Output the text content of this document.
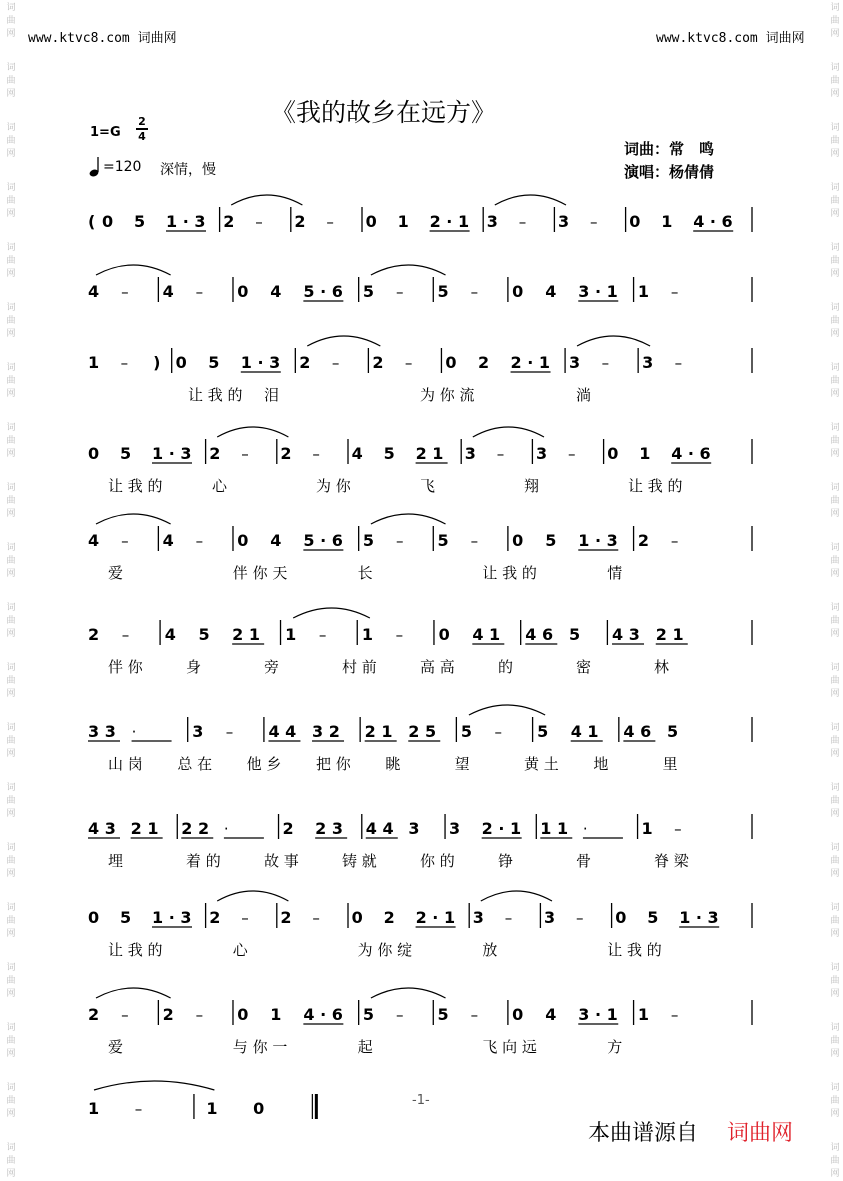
www.ktvc8.com 词曲网	www.ktvc8.com 词曲网
词
曲
网
词
曲
网
词
曲
网
词
曲
网
词
曲
网
词
曲
网
词
曲
网
词
曲
网
词
曲
网
词
曲
网
词
曲
网
词
曲
网
词
曲
网
词
曲
网
词
曲
网
词
曲
网
词
曲
网
词
曲
网
词
曲
网
词
曲
网
词
曲
网
词
曲
网
词
曲
网
词
曲
网
词
曲
网
词
曲
网
词
曲
网
词
曲
网
词
曲
网
词
曲
网
词
曲
网
词
曲
网
词
曲
网
词
曲
网
词
曲
网
词
曲
网
词
曲
网
词
曲
网
词
曲
网
词
曲
网
《我的故乡在远方》
1=G
2
4
=120 深情，慢
词曲：常　鸣
演唱：杨倩倩
( 0 5 1 · 3 2 – 2 – 0 1 2 · 1 3 – 3 – 0 1 4 · 6
4 – 4 – 0 4 5 · 6 5 – 5 – 0 4 3 · 1 1 –
1 – ) 0 5 1 · 3 2 – 2 – 0 2 2 · 1 3 – 3 –
让 我 的 泪	为 你 流	淌
0 5 1 · 3 2 – 2 – 4 5 2 1 3 – 3 – 0 1 4 · 6
让 我 的	心	为 你	飞	翔	让 我 的
4 – 4 – 0 4 5 · 6 5 – 5 – 0 5 1 · 3 2 –
爱	伴 你 天	长	让 我 的	情
2 – 4 5 2 1 1 – 1 – 0 4 1 4 6 5 4 3 2 1
伴 你	身	旁	村 前	高 高	的	密	林
3 3 ·	3 – 4 4 3 2 2 1 2 5 5 – 5 4 1 4 6 5
山 岗 总 在 他 乡 把 你 眺	望	黄 土 地	里
4 3 2 1 2 2 ·	2 2 3 4 4 3 3 2 · 1 1 1 ·	1 –
埋	着 的	故 事	铸 就	你 的	铮	骨	脊 梁
0 5 1 · 3 2 – 2 – 0 2 2 · 1 3 – 3 – 0 5 1 · 3
让 我 的	心	为 你 绽	放	让 我 的
2 – 2 – 0 1 4 · 6 5 – 5 – 0 4 3 · 1 1 –
爱	与 你 一	起	飞 向 远	方
1 –	1 0	-1-
本曲谱源自 词曲网
